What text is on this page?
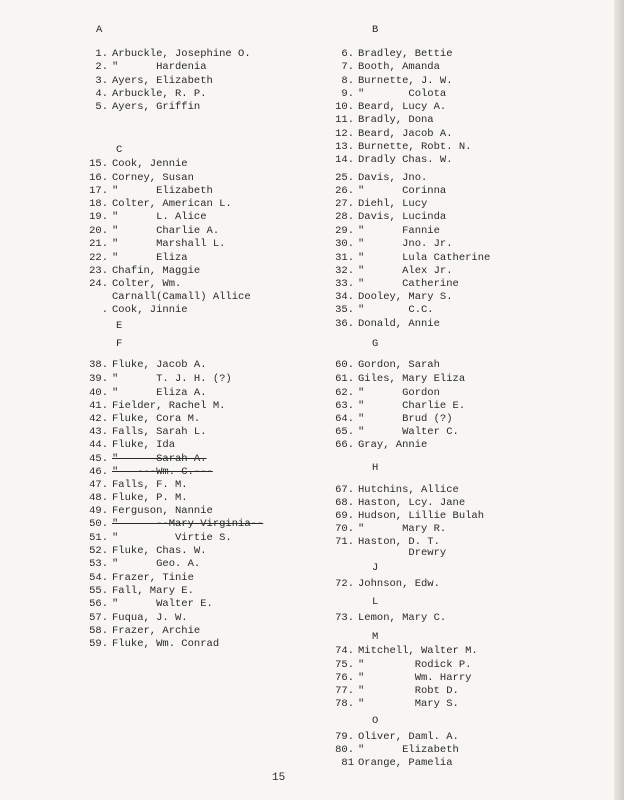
A
1. Arbuckle, Josephine O.
2. "      Hardenia
3. Ayers, Elizabeth
4. Arbuckle, R. P.
5. Ayers, Griffin
C
15. Cook, Jennie
16. Corney, Susan
17. "      Elizabeth
18. Colter, American L.
19. "      L. Alice
20. "      Charlie A.
21. "      Marshall L.
22. "      Eliza
23. Chafin, Maggie
24. Colter, Wm.
Carnall(Camall) Allice
. Cook, Jinnie
E
F
38. Fluke, Jacob A.
39. "      T. J. H. (?)
40. "      Eliza A.
41. Fielder, Rachel M.
42. Fluke, Cora M.
43. Falls, Sarah L.
44. Fluke, Ida
45. "      Sarah A.
46. "   ---Wm. C.---
47. Falls, F. M.
48. Fluke, P. M.
49. Ferguson, Nannie
50. "      --Mary Virginia--
51. "         Virtie S.
52. Fluke, Chas. W.
53. "      Geo. A.
54. Frazer, Tinie
55. Fall, Mary E.
56. "      Walter E.
57. Fuqua, J. W.
58. Frazer, Archie
59. Fluke, Wm. Conrad
B
6. Bradley, Bettie
7. Booth, Amanda
8. Burnette, J. W.
9. "       Colota
10. Beard, Lucy A.
11. Bradly, Dona
12. Beard, Jacob A.
13. Burnette, Robt. N.
14. Dradly Chas. W.
25. Davis, Jno.
26. "      Corinna
27. Diehl, Lucy
28. Davis, Lucinda
29. "      Fannie
30. "      Jno. Jr.
31. "      Lula Catherine
32. "      Alex Jr.
33. "      Catherine
34. Dooley, Mary S.
35. "       C.C.
36. Donald, Annie
G
60. Gordon, Sarah
61. Giles, Mary Eliza
62. "      Gordon
63. "      Charlie E.
64. "      Brud (?)
65. "      Walter C.
66. Gray, Annie
H
67. Hutchins, Allice
68. Haston, Lcy. Jane
69. Hudson, Lillie Bulah
70. "      Mary R.
71. Haston, D. T.
Drewry
J
72. Johnson, Edw.
L
73. Lemon, Mary C.
M
74. Mitchell, Walter M.
75. "        Rodick P.
76. "        Wm. Harry
77. "        Robt D.
78. "        Mary S.
O
79. Oliver, Daml. A.
80. "      Elizabeth
81 Orange, Pamelia
15
